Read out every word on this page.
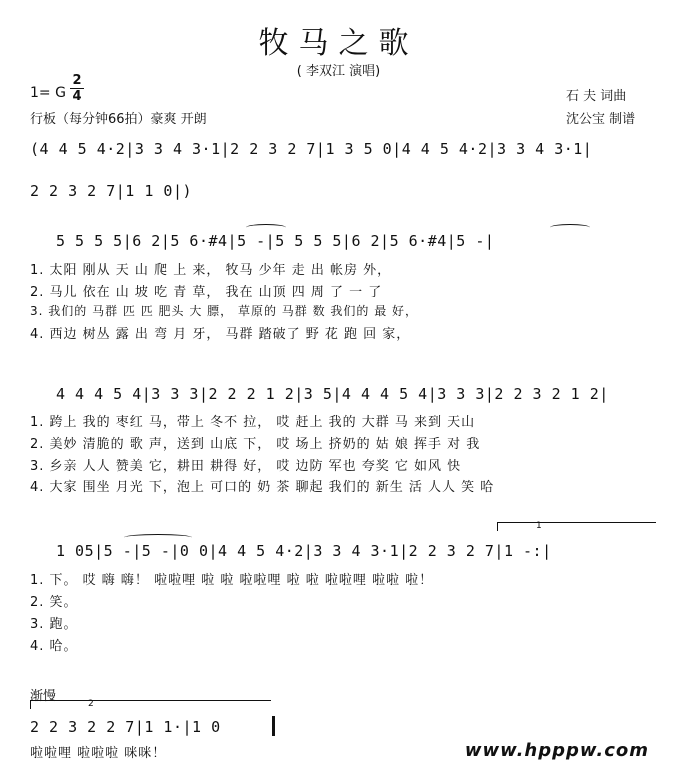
牧马之歌
( 李双江 演唱)
1= G
2
4
行板（每分钟66拍）豪爽 开朗
石 夫 词曲
沈公宝 制谱
(4 4 5 4·2|3 3 4 3·1|2 2 3 2 7|1 3 5 0|4 4 5 4·2|3 3 4 3·1|
2 2 3 2 7|1 1 0|)
5 5 5 5|6 2|5 6·#4|5 -|5 5 5 5|6 2|5 6·#4|5 -|
1. 太阳 刚从 天 山 爬 上 来， 牧马 少年 走 出 帐房 外，
2. 马儿 依在 山 坡 吃 青 草， 我在 山顶 四 周 了 一 了
3. 我们的 马群 匹 匹 肥头 大 膘， 草原的 马群 数 我们的 最 好，
4. 西边 树丛 露 出 弯 月 牙， 马群 踏破了 野 花 跑 回 家，
4 4 4 5 4|3 3 3|2 2 2 1 2|3 5|4 4 4 5 4|3 3 3|2 2 3 2 1 2|
1. 跨上 我的 枣红 马，带上 冬不 拉， 哎 赶上 我的 大群 马 来到 天山
2. 美妙 清脆的 歌 声，送到 山底 下， 哎 场上 挤奶的 姑 娘 挥手 对 我
3. 乡亲 人人 赞美 它，耕田 耕得 好， 哎 边防 军也 夸奖 它 如风 快
4. 大家 围坐 月光 下，泡上 可口的 奶 茶 聊起 我们的 新生 活 人人 笑 哈
1
1 05|5 -|5 -|0 0|4 4 5 4·2|3 3 4 3·1|2 2 3 2 7|1 -:|
1. 下。 哎 嗨 嗨！ 啦啦哩 啦 啦 啦啦哩 啦 啦 啦啦哩 啦啦 啦！
2. 笑。
3. 跑。
4. 哈。
渐慢	2
2 2 3 2 2 7|1 1·|1 0
啦啦哩 啦啦啦 咪咪！	www.hpppw.com
